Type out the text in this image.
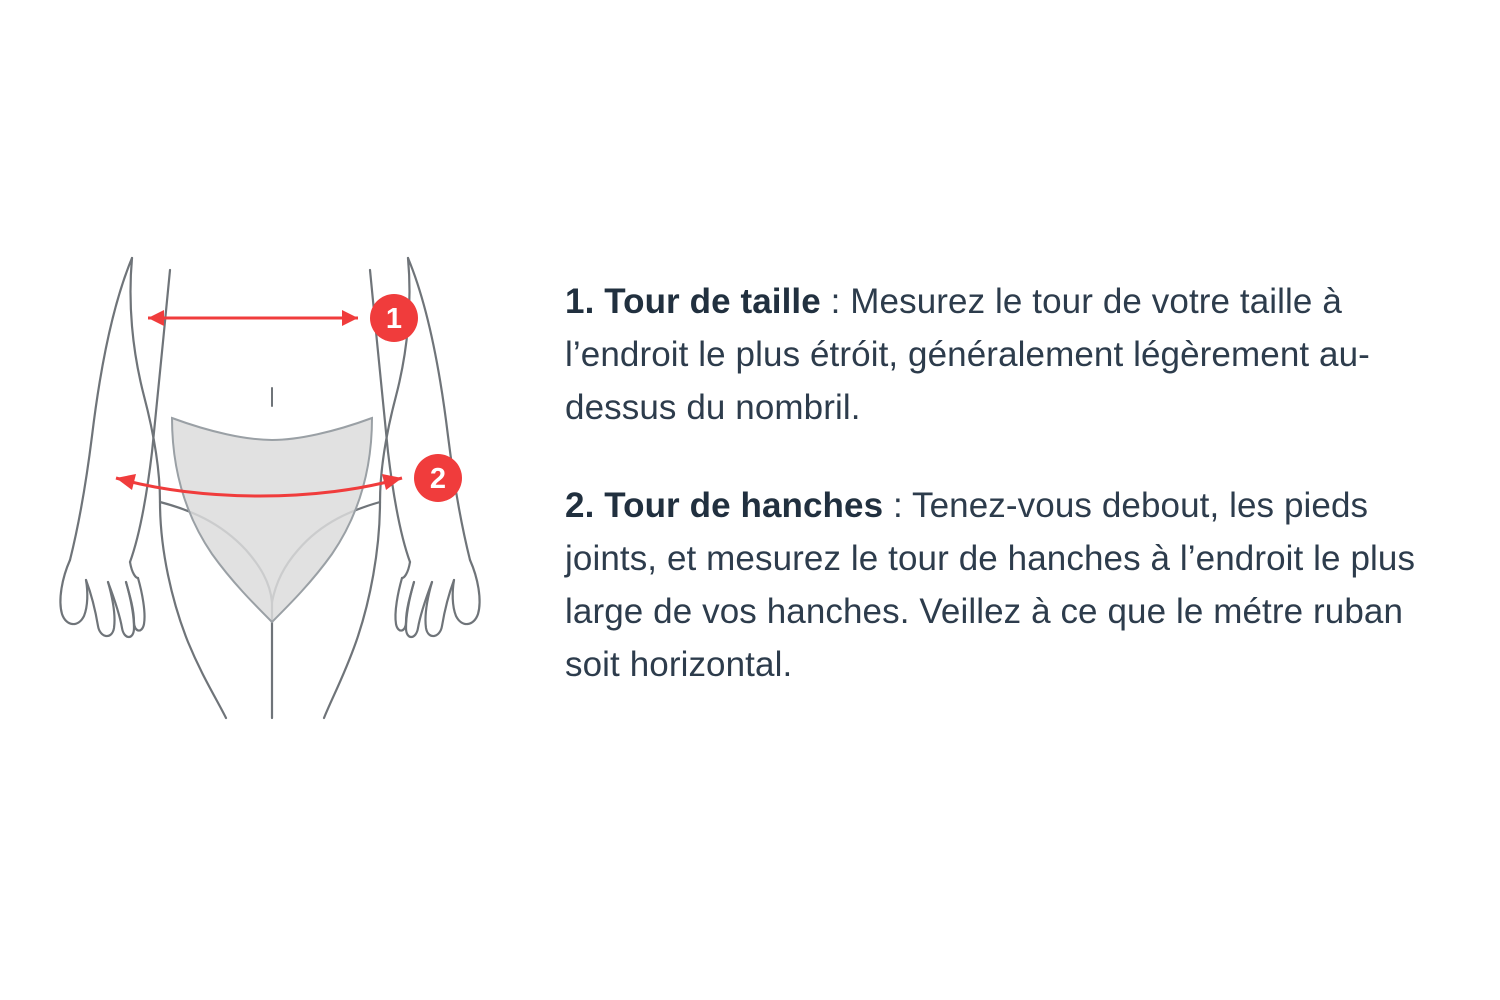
1
2

1. Tour de taille : Mesurez le tour de votre taille à l’endroit le plus étróit, généralement légèrement au-dessus du nombril.

2. Tour de hanches : Tenez-vous debout, les pieds joints, et mesurez le tour de hanches à l’endroit le plus large de vos hanches. Veillez à ce que le métre ruban soit horizontal.
